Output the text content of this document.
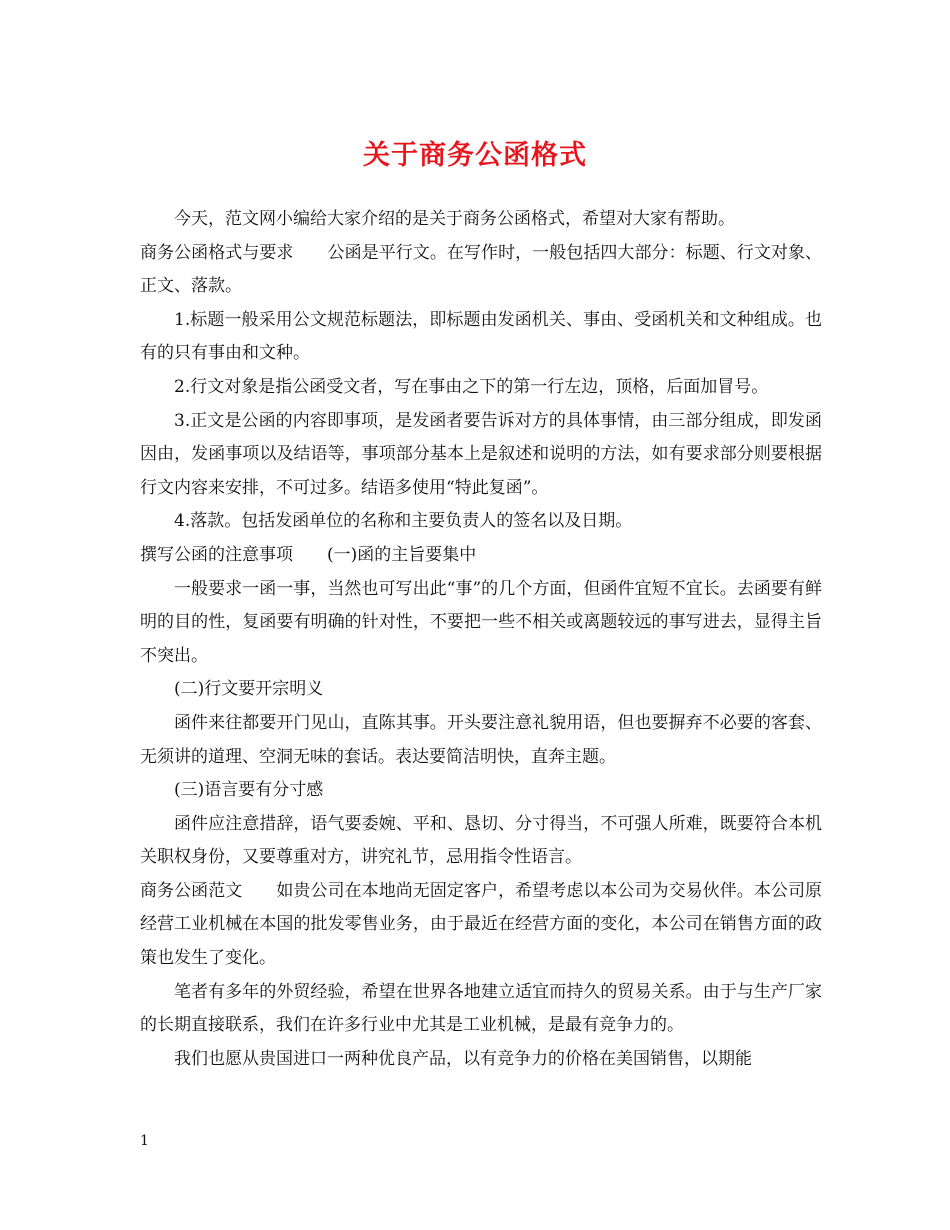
关于商务公函格式

今天，范文网小编给大家介绍的是关于商务公函格式，希望对大家有帮助。

商务公函格式与要求 公函是平行文。在写作时，一般包括四大部分：标题、行文对象、正文、落款。

1.标题一般采用公文规范标题法，即标题由发函机关、事由、受函机关和文种组成。也有的只有事由和文种。

2.行文对象是指公函受文者，写在事由之下的第一行左边，顶格，后面加冒号。

3.正文是公函的内容即事项，是发函者要告诉对方的具体事情，由三部分组成，即发函因由，发函事项以及结语等，事项部分基本上是叙述和说明的方法，如有要求部分则要根据行文内容来安排，不可过多。结语多使用“特此复函”。

4.落款。包括发函单位的名称和主要负责人的签名以及日期。

撰写公函的注意事项 (一)函的主旨要集中

一般要求一函一事，当然也可写出此“事”的几个方面，但函件宜短不宜长。去函要有鲜明的目的性，复函要有明确的针对性，不要把一些不相关或离题较远的事写进去，显得主旨不突出。

(二)行文要开宗明义

函件来往都要开门见山，直陈其事。开头要注意礼貌用语，但也要摒弃不必要的客套、无须讲的道理、空洞无味的套话。表达要简洁明快，直奔主题。

(三)语言要有分寸感

函件应注意措辞，语气要委婉、平和、恳切、分寸得当，不可强人所难，既要符合本机关职权身份，又要尊重对方，讲究礼节，忌用指令性语言。

商务公函范文 如贵公司在本地尚无固定客户，希望考虑以本公司为交易伙伴。本公司原经营工业机械在本国的批发零售业务，由于最近在经营方面的变化，本公司在销售方面的政策也发生了变化。

笔者有多年的外贸经验，希望在世界各地建立适宜而持久的贸易关系。由于与生产厂家的长期直接联系，我们在许多行业中尤其是工业机械，是最有竞争力的。

我们也愿从贵国进口一两种优良产品，以有竞争力的价格在美国销售，以期能

1
